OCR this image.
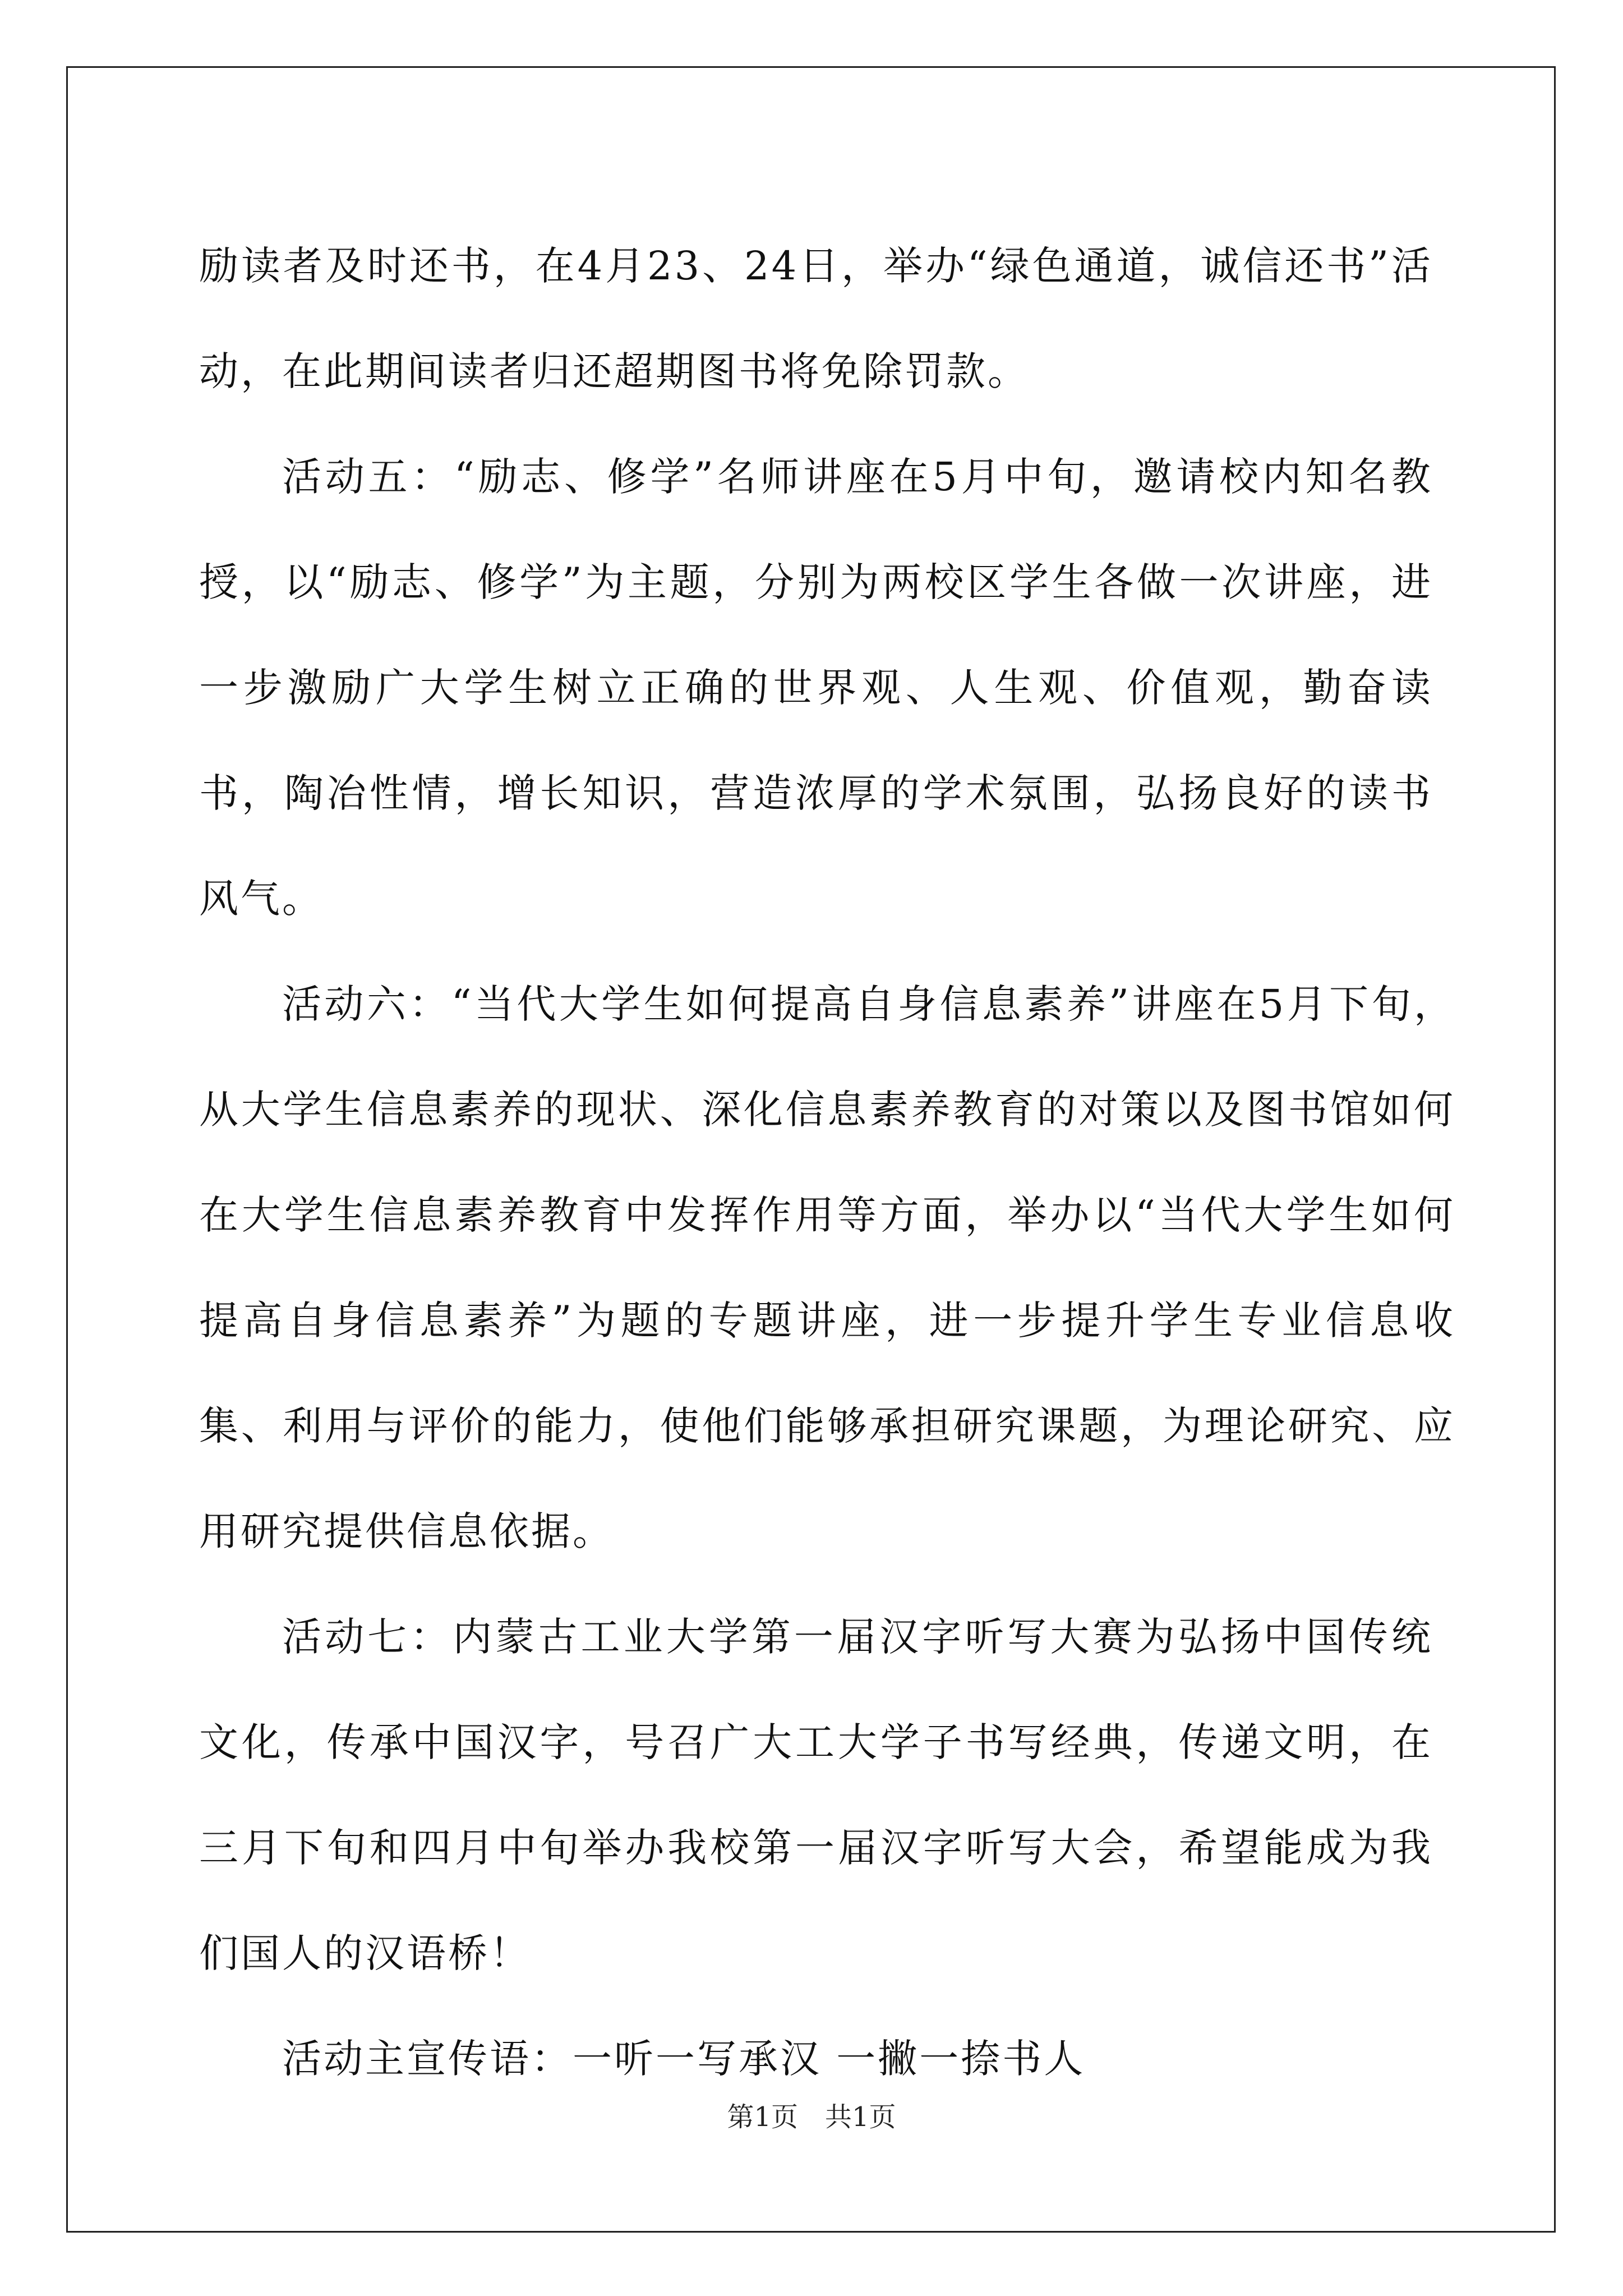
励读者及时还书，在4月23、24日，举办“绿色通道，诚信还书”活动，在此期间读者归还超期图书将免除罚款。

活动五：“励志、修学”名师讲座在5月中旬，邀请校内知名教授，以“励志、修学”为主题，分别为两校区学生各做一次讲座，进一步激励广大学生树立正确的世界观、人生观、价值观，勤奋读书，陶冶性情，增长知识，营造浓厚的学术氛围，弘扬良好的读书风气。

活动六：“当代大学生如何提高自身信息素养”讲座在5月下旬，从大学生信息素养的现状、深化信息素养教育的对策以及图书馆如何在大学生信息素养教育中发挥作用等方面，举办以“当代大学生如何提高自身信息素养”为题的专题讲座，进一步提升学生专业信息收集、利用与评价的能力，使他们能够承担研究课题，为理论研究、应用研究提供信息依据。

活动七：内蒙古工业大学第一届汉字听写大赛为弘扬中国传统文化，传承中国汉字，号召广大工大学子书写经典，传递文明，在三月下旬和四月中旬举办我校第一届汉字听写大会，希望能成为我们国人的汉语桥！

活动主宣传语：一听一写承汉 一撇一捺书人

第1页　共1页
